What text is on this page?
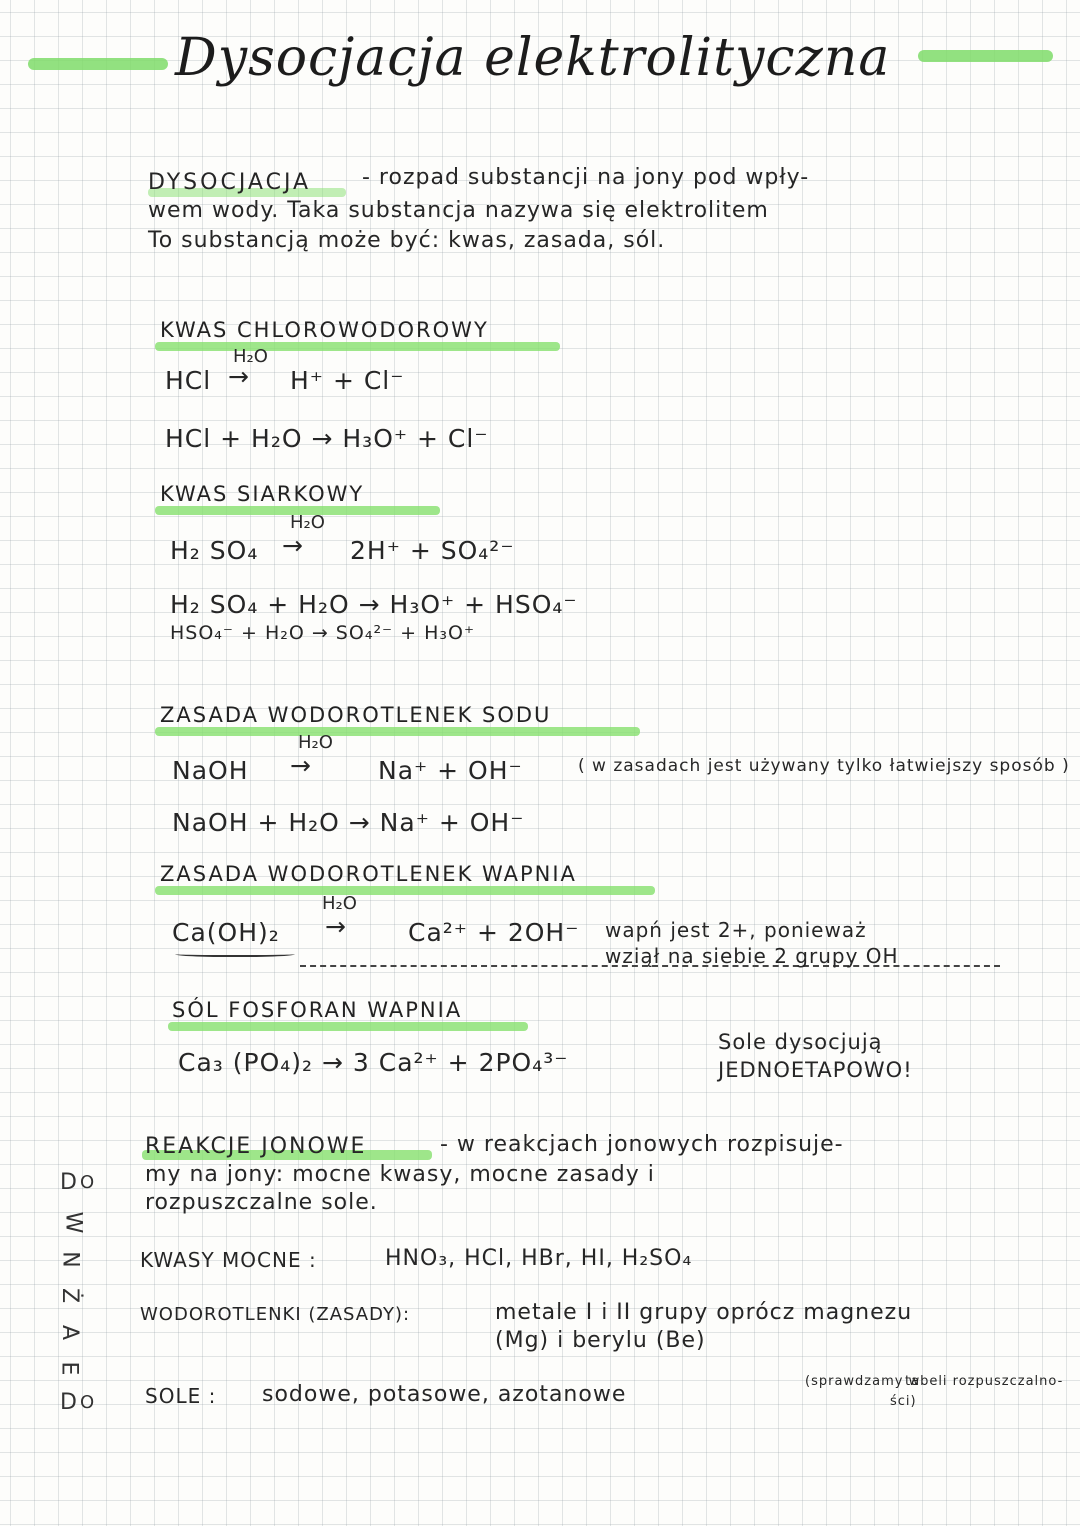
Dysocjacja elektrolityczna
DYSOCJACJA - rozpad substancji na jony pod wpły-
wem wody. Taka substancja nazywa się elektrolitem
To substancją może być: kwas, zasada, sól.
KWAS CHLOROWODOROWY
H₂O
HCl → H⁺ + Cl⁻
HCl + H₂O → H₃O⁺ + Cl⁻
KWAS SIARKOWY
H₂O
H₂ SO₄ → 2H⁺ + SO₄²⁻
H₂ SO₄ + H₂O → H₃O⁺ + HSO₄⁻
HSO₄⁻ + H₂O → SO₄²⁻ + H₃O⁺
ZASADA WODOROTLENEK SODU
H₂O
NaOH →	Na⁺ + OH⁻	( w zasadach jest używany tylko łatwiejszy sposób )
NaOH + H₂O → Na⁺ + OH⁻
ZASADA WODOROTLENEK WAPNIA
H₂O
Ca(OH)₂ → Ca²⁺ + 2OH⁻ wapń jest 2+, ponieważ
wziął na siebie 2 grupy OH
SÓL FOSFORAN WAPNIA
Ca₃ (PO₄)₂ → 3 Ca²⁺ + 2PO₄³⁻
Sole dysocjują
JEDNOETAPOWO!
REAKCJE JONOWE	- w reakcjach jonowych rozpisuje-
my na jony: mocne kwasy, mocne zasady i
rozpuszczalne sole.
KWASY MOCNE :	HNO₃, HCl, HBr, HI, H₂SO₄
WODOROTLENKI (ZASADY):	metale I i II grupy oprócz magnezu
(Mg) i berylu (Be)
SOLE : sodowe, potasowe, azotanowe
(sprawdzamy w
tabeli rozpuszczalno-
ści)
D O
W
A
Ż
N
E
D O
